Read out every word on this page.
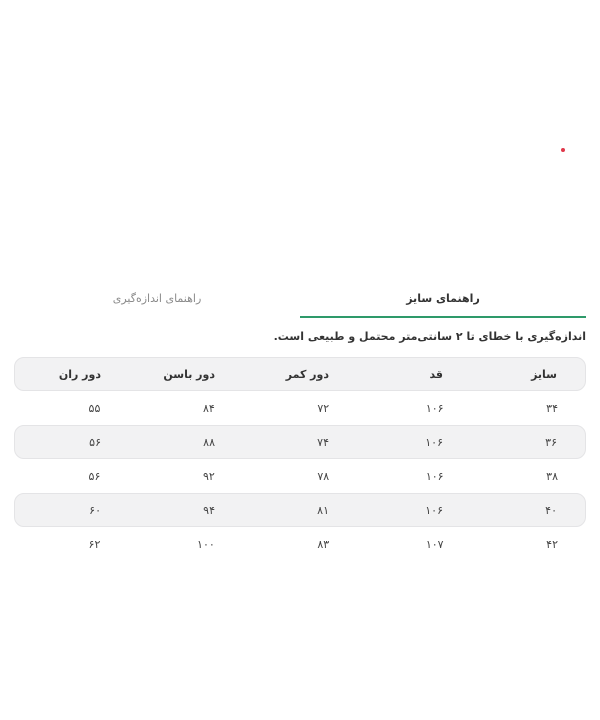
راهنمای سایز
راهنمای اندازه‌گیری
اندازه‌گیری با خطای تا ۲ سانتی‌متر محتمل و طبیعی است.
سایز
قد
دور کمر
دور باسن
دور ران
۳۴
۱۰۶
۷۲
۸۴
۵۵
۳۶
۱۰۶
۷۴
۸۸
۵۶
۳۸
۱۰۶
۷۸
۹۲
۵۶
۴۰
۱۰۶
۸۱
۹۴
۶۰
۴۲
۱۰۷
۸۳
۱۰۰
۶۲
